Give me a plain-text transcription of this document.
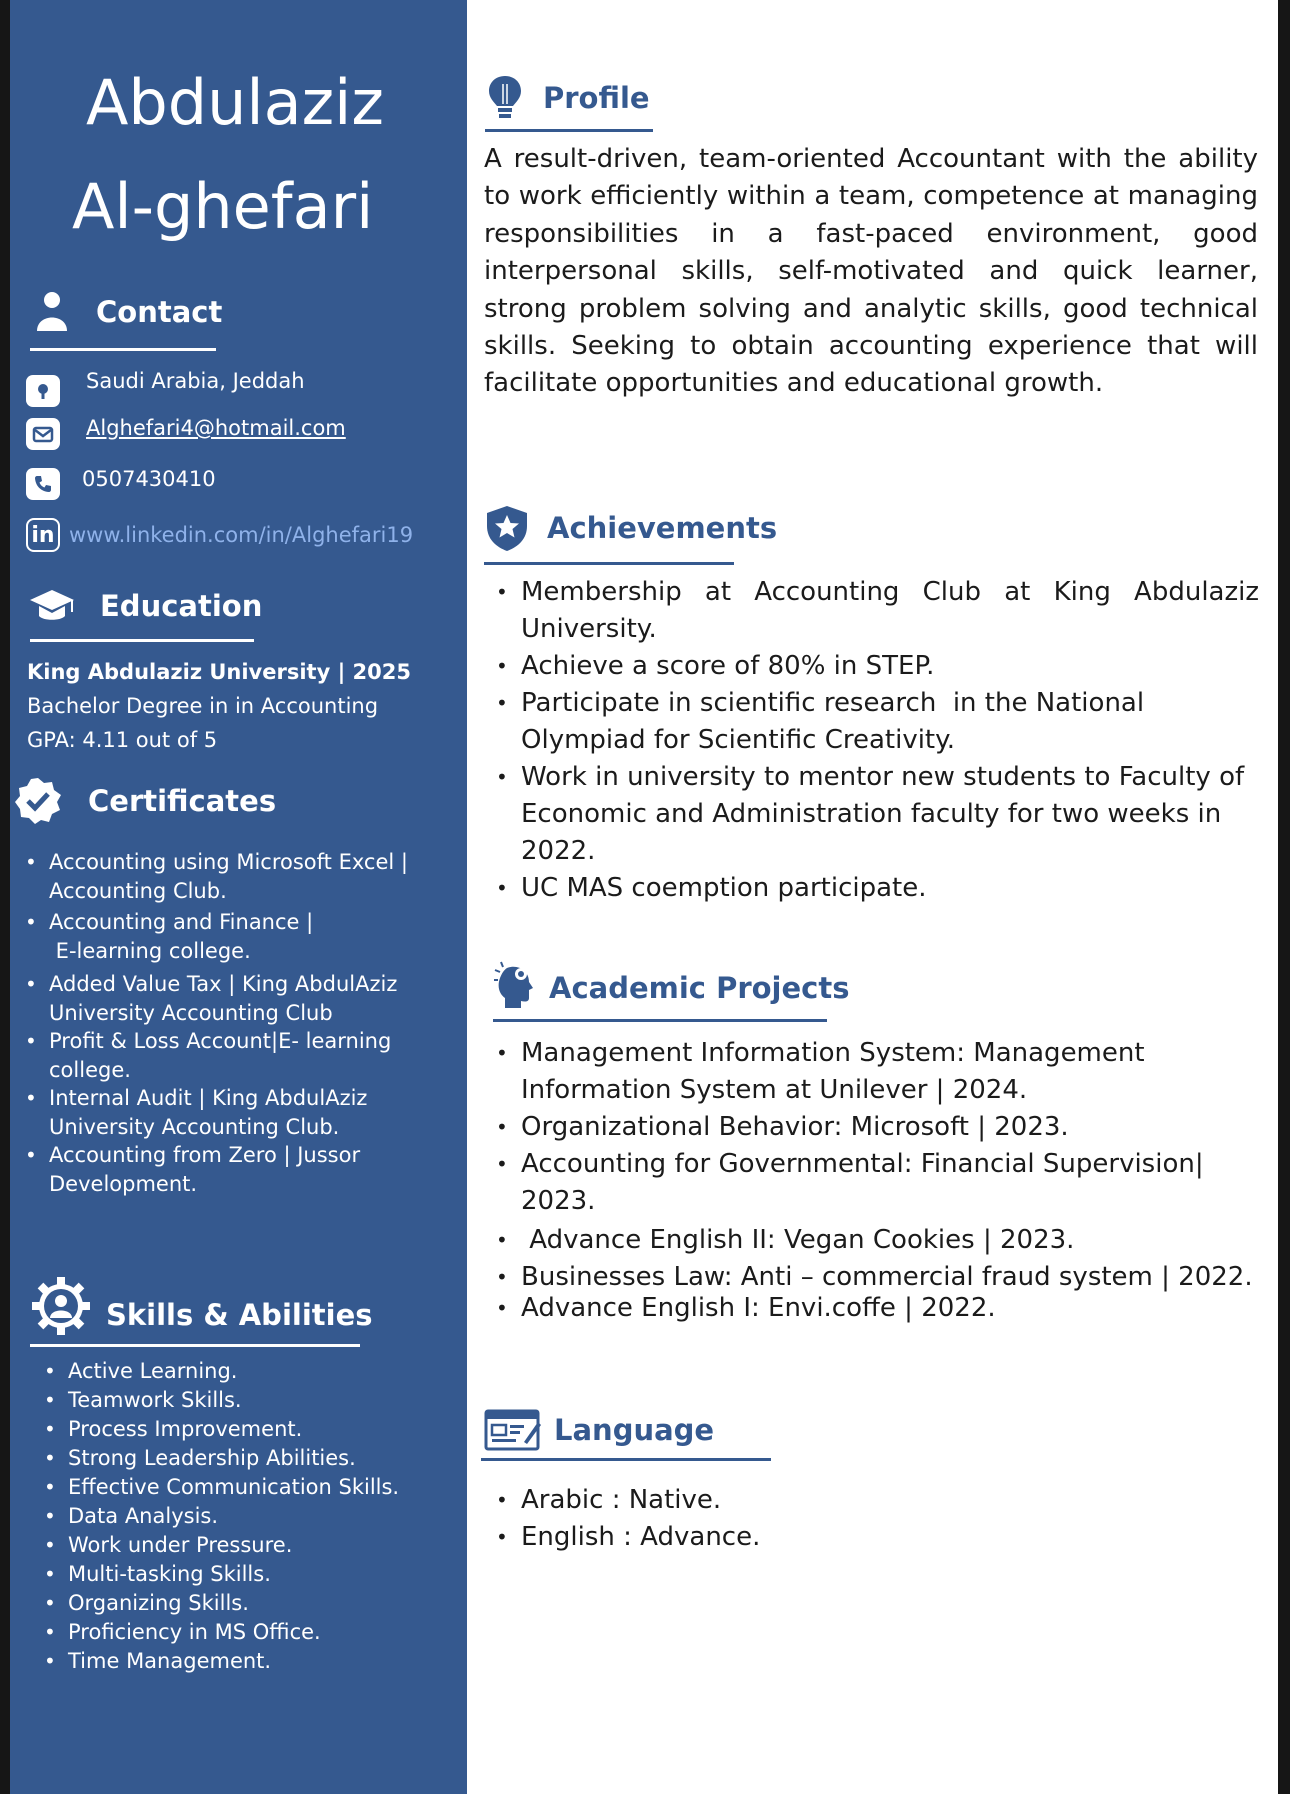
Abdulaziz
Al-ghefari
Contact
Saudi Arabia, Jeddah
Alghefari4@hotmail.com
0507430410
in www.linkedin.com/in/Alghefari19
Education
King Abdulaziz University | 2025
Bachelor Degree in in Accounting
GPA: 4.11 out of 5
Certificates
• Accounting using Microsoft Excel |
Accounting Club.
• Accounting and Finance |
E-learning college.
• Added Value Tax | King AbdulAziz
University Accounting Club
• Profit & Loss Account|E- learning
college.
• Internal Audit | King AbdulAziz
University Accounting Club.
• Accounting from Zero | Jussor
Development.
Skills & Abilities
• Active Learning.
• Teamwork Skills.
• Process Improvement.
• Strong Leadership Abilities.
• Effective Communication Skills.
• Data Analysis.
• Work under Pressure.
• Multi-tasking Skills.
• Organizing Skills.
• Proficiency in MS Office.
• Time Management.
Profile

A result-driven, team-oriented Accountant with the ability to work efficiently within a team, competence at managing responsibilities in a fast-paced environment, good interpersonal skills, self-motivated and quick learner, strong problem solving and analytic skills, good technical skills. Seeking to obtain accounting experience that will facilitate opportunities and educational growth.

Achievements
• Membership at Accounting Club at King Abdulaziz
University.
• Achieve a score of 80% in STEP.
• Participate in scientific research  in the National
Olympiad for Scientific Creativity.
• Work in university to mentor new students to Faculty of
Economic and Administration faculty for two weeks in
2022.
• UC MAS coemption participate.
Academic Projects
• Management Information System: Management
Information System at Unilever | 2024.
• Organizational Behavior: Microsoft | 2023.
• Accounting for Governmental: Financial Supervision|
2023.
•  Advance English II: Vegan Cookies | 2023.
• Businesses Law: Anti – commercial fraud system | 2022.
• Advance English I: Envi.coffe | 2022.
Language
• Arabic : Native.
• English : Advance.
